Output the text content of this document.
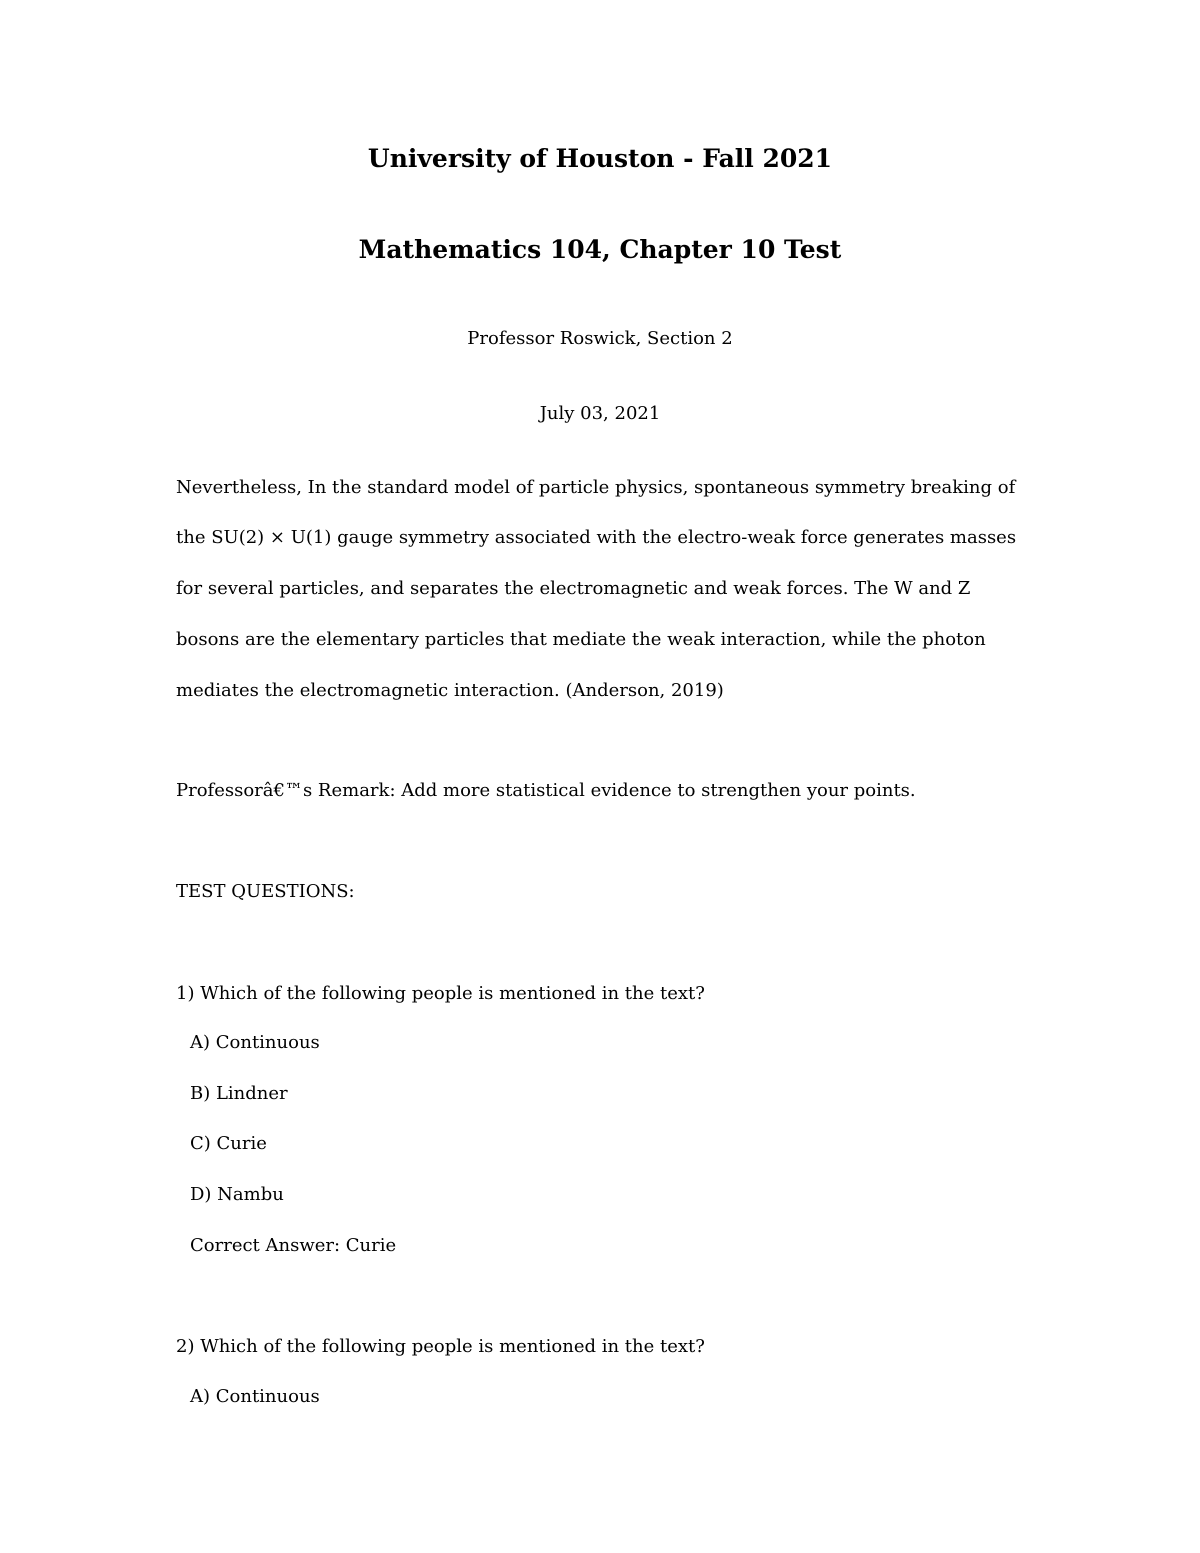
University of Houston - Fall 2021
Mathematics 104, Chapter 10 Test
Professor Roswick, Section 2
July 03, 2021
Nevertheless, In the standard model of particle physics, spontaneous symmetry breaking of
the SU(2) × U(1) gauge symmetry associated with the electro-weak force generates masses
for several particles, and separates the electromagnetic and weak forces. The W and Z
bosons are the elementary particles that mediate the weak interaction, while the photon
mediates the electromagnetic interaction. (Anderson, 2019)
Professorâ€™s Remark: Add more statistical evidence to strengthen your points.
TEST QUESTIONS:
1) Which of the following people is mentioned in the text?
A) Continuous
B) Lindner
C) Curie
D) Nambu
Correct Answer: Curie
2) Which of the following people is mentioned in the text?
A) Continuous
